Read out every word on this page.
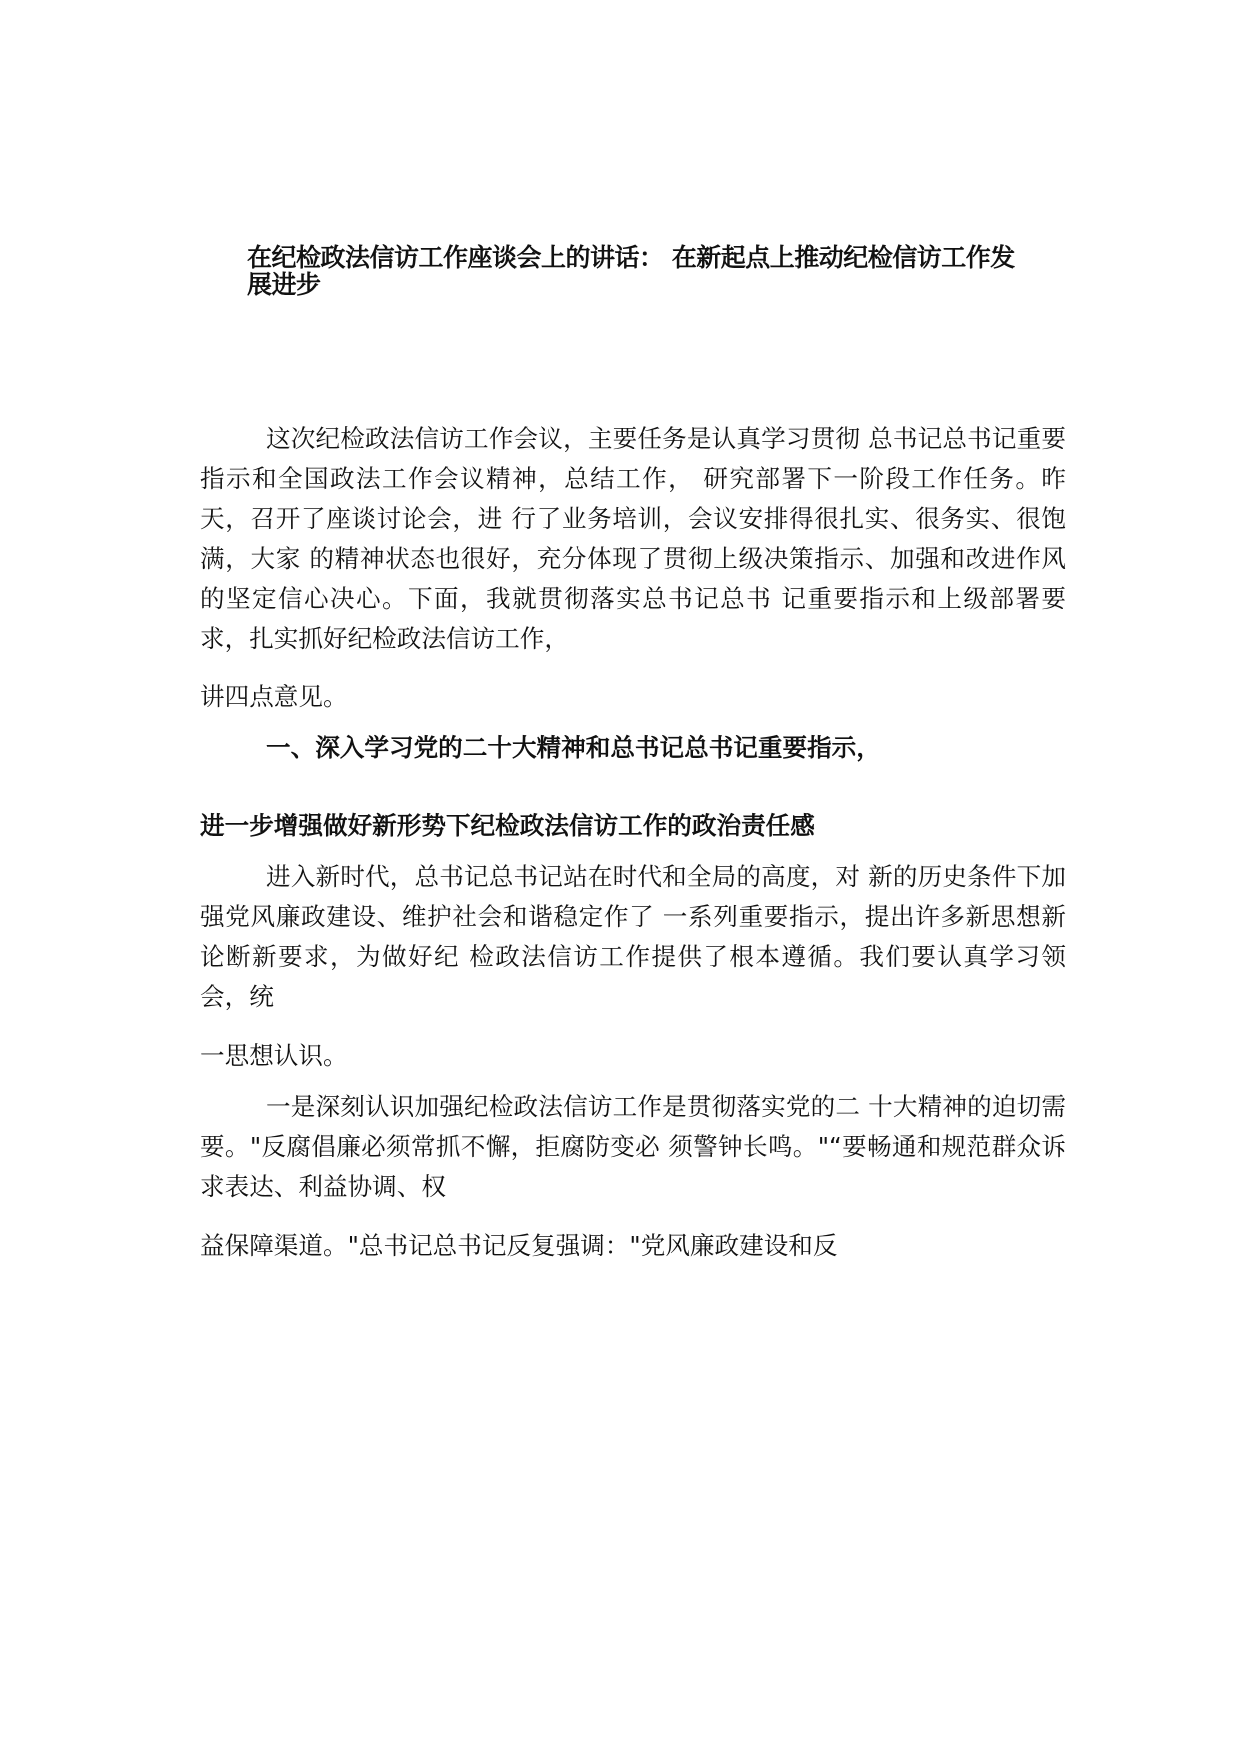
在纪检政法信访工作座谈会上的讲话： 在新起点上推动纪检信访工作发展进步

这次纪检政法信访工作会议，主要任务是认真学习贯彻 总书记总书记重要指示和全国政法工作会议精神，总结工作， 研究部署下一阶段工作任务。昨天，召开了座谈讨论会，进 行了业务培训，会议安排得很扎实、很务实、很饱满，大家 的精神状态也很好，充分体现了贯彻上级决策指示、加强和改进作风的坚定信心决心。下面，我就贯彻落实总书记总书 记重要指示和上级部署要求，扎实抓好纪检政法信访工作，

讲四点意见。

一、深入学习党的二十大精神和总书记总书记重要指示，

进一步增强做好新形势下纪检政法信访工作的政治责任感

进入新时代，总书记总书记站在时代和全局的高度，对 新的历史条件下加强党风廉政建设、维护社会和谐稳定作了 一系列重要指示，提出许多新思想新论断新要求，为做好纪 检政法信访工作提供了根本遵循。我们要认真学习领会，统

一思想认识。

一是深刻认识加强纪检政法信访工作是贯彻落实党的二 十大精神的迫切需要。"反腐倡廉必须常抓不懈，拒腐防变必 须警钟长鸣。"“要畅通和规范群众诉求表达、利益协调、权

益保障渠道。"总书记总书记反复强调："党风廉政建设和反
